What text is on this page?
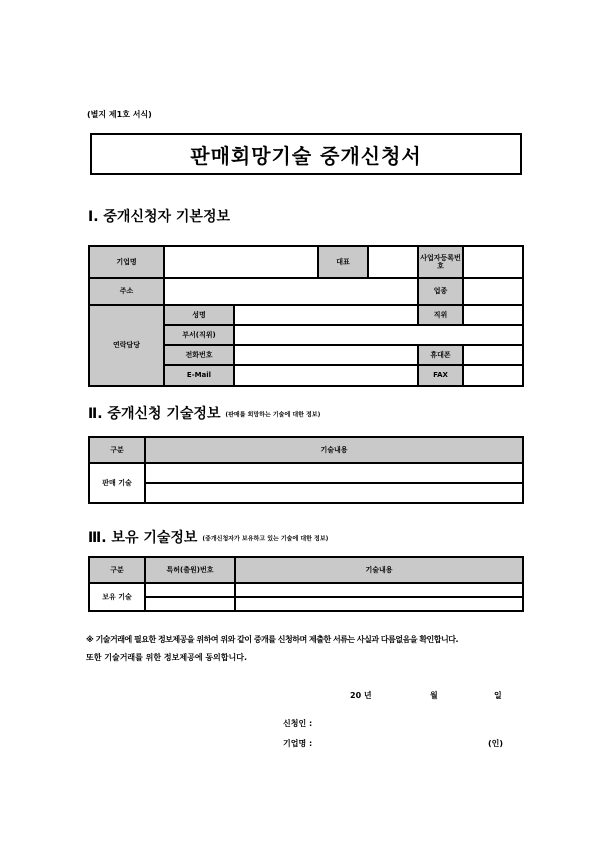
(별지 제1호 서식)
판매회망기술 중개신청서
Ⅰ. 중개신청자 기본정보
기업명			대표		사업자등록번호	
주소					업종	
연락담당	성명				직위	
	부서(직위)					
	전화번호				휴대폰	
	E-Mail				FAX	
Ⅱ. 중개신청 기술정보 (판매를 희망하는 기술에 대한 정보)
구분	기술내용
판매 기술	

Ⅲ. 보유 기술정보 (중개신청자가 보유하고 있는 기술에 대한 정보)
구분	특허(출원)번호	기술내용
보유 기술		

※ 기술거래에 필요한 정보제공을 위하여 위와 같이 중개를 신청하며 제출한 서류는 사실과 다름없음을 확인합니다.
또한 기술거래를 위한 정보제공에 동의합니다.
20 년	월	일
신청인 :
기업명 :	(인)
